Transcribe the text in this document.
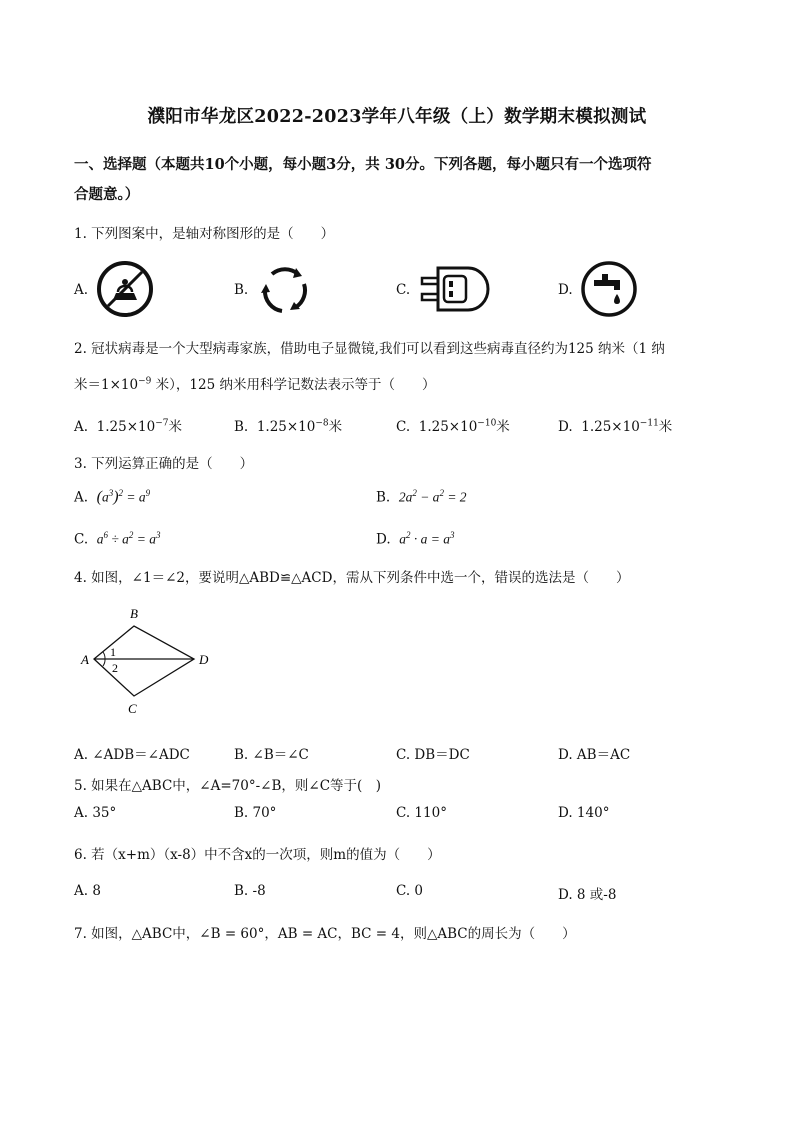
濮阳市华龙区2022-2023学年八年级（上）数学期末模拟测试
一、选择题（本题共10个小题，每小题3分，共 30分。下列各题，每小题只有一个选项符
合题意。）
1. 下列图案中，是轴对称图形的是（　　）
A.	B.	C.	D.
2. 冠状病毒是一个大型病毒家族，借助电子显微镜,我们可以看到这些病毒直径约为125 纳米（1 纳
米$=1\times 10^{-9}$ 米），125 纳米用科学记数法表示等于（　　）
A. $1.25\times 10^{-7}$米	B. $1.25\times 10^{-8}$米	C. $1.25\times 10^{-10}$米	D. $1.25\times 10^{-11}$米
3. 下列运算正确的是（　　）
A. $(a^3)^2 = a^9$	B. $2a^2 - a^2 = 2$
C. $a^6 \div a^2 = a^3$	D. $a^2 \cdot a = a^3$
4. 如图，∠1＝∠2，要说明△ABD≌△ACD，需从下列条件中选一个，错误的选法是（　　）
B
A	D
C
1
2
A. ∠ADB＝∠ADC	B. ∠B＝∠C	C. DB＝DC	D. AB＝AC
5. 如果在△ABC中，∠A=70°-∠B，则∠C等于(　)
A. 35°	B. 70°	C. 110°	D. 140°
6. 若（x+m）（x-8）中不含x的一次项，则m的值为（　　）
A. 8	B. -8	C. 0	D. 8 或-8
7. 如图，△ABC中，∠B = 60°，AB = AC，BC = 4，则△ABC的周长为（　　）
